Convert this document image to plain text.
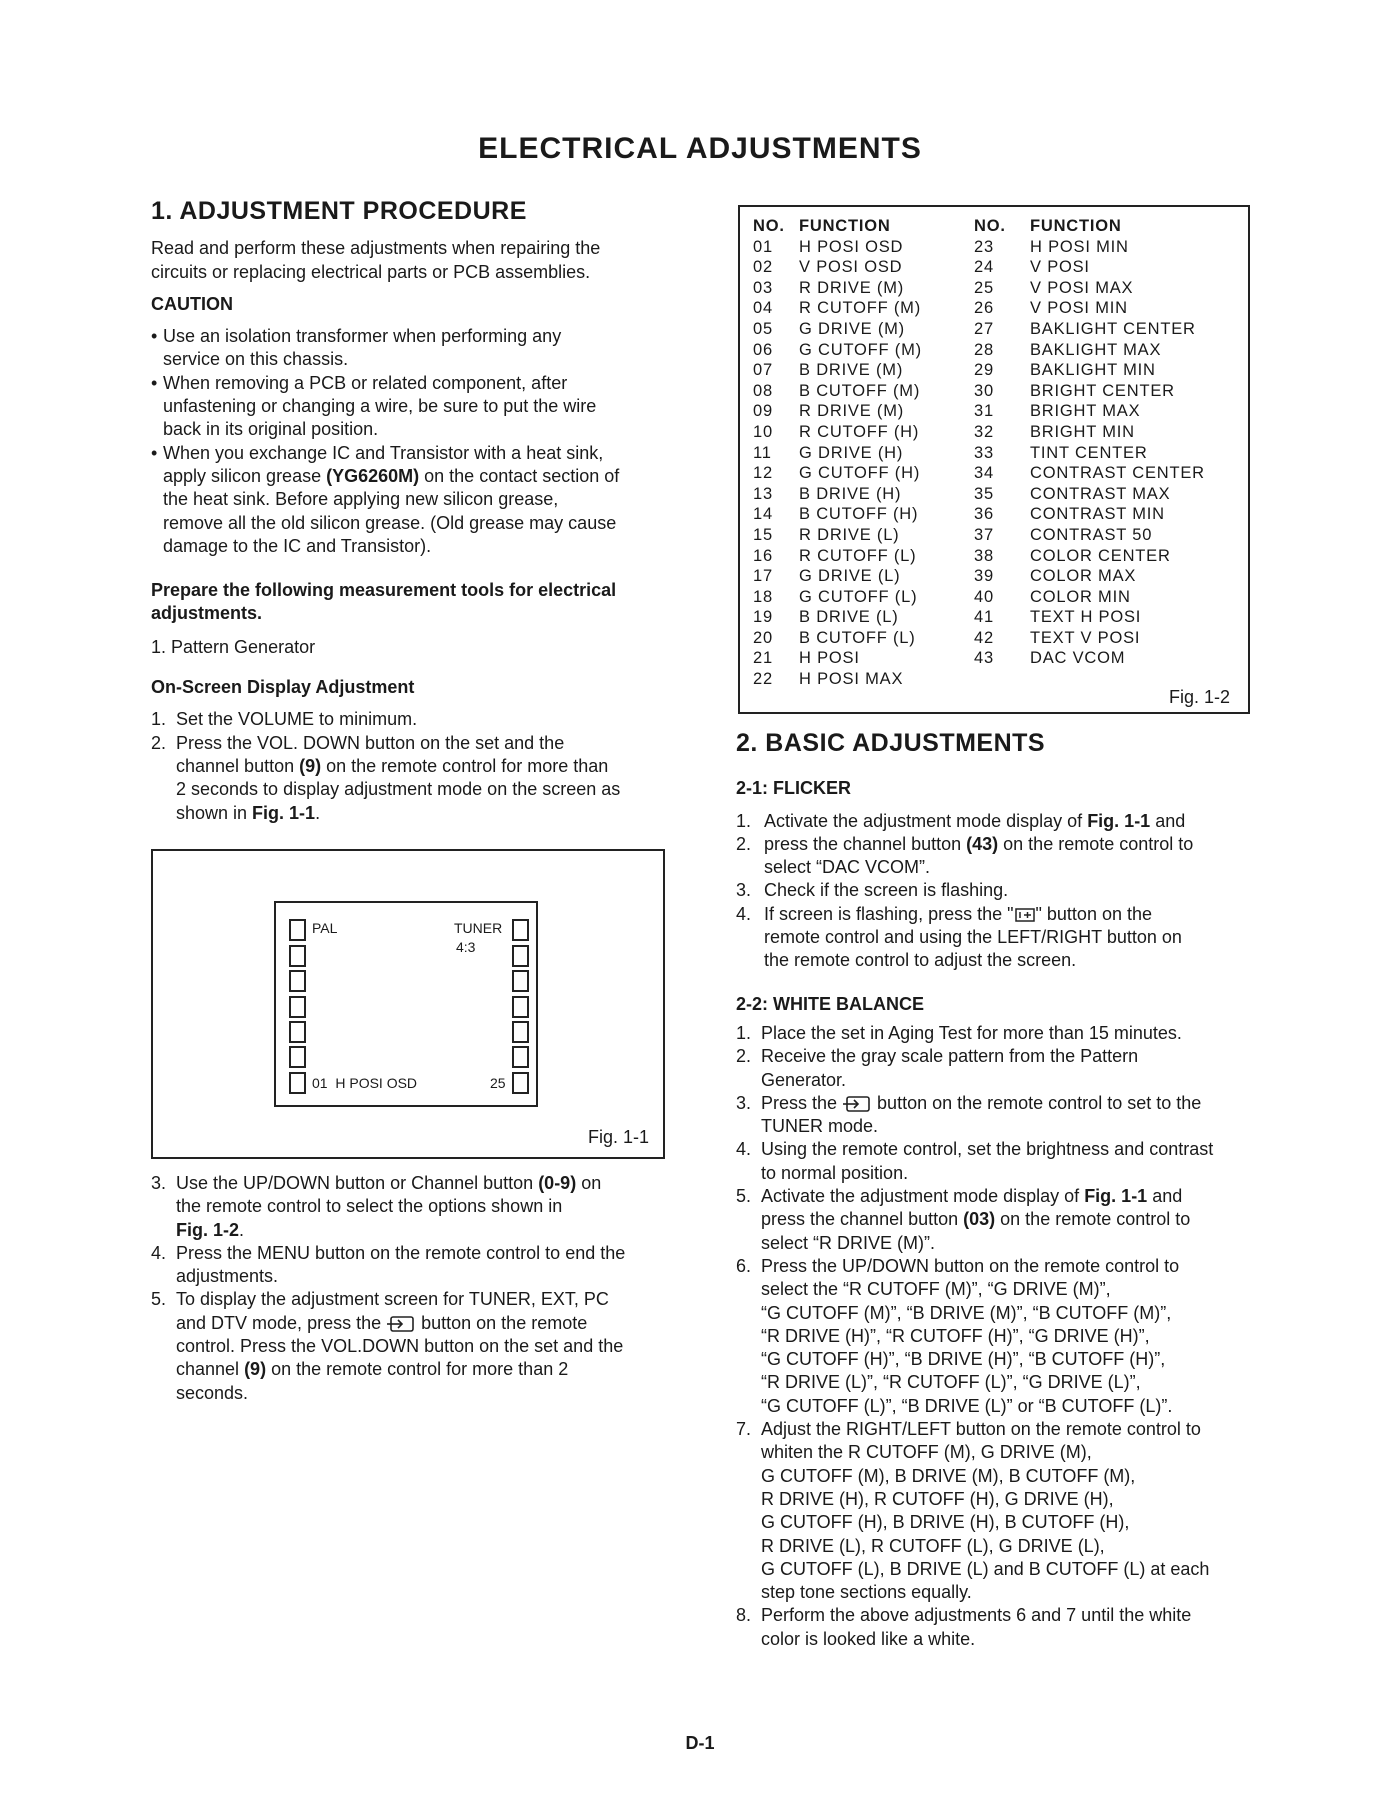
ELECTRICAL ADJUSTMENTS
1. ADJUSTMENT PROCEDURE

Read and perform these adjustments when repairing the
circuits or replacing electrical parts or PCB assemblies.

CAUTION

• Use an isolation transformer when performing any
service on this chassis.
• When removing a PCB or related component, after
unfastening or changing a wire, be sure to put the wire
back in its original position.
• When you exchange IC and Transistor with a heat sink,
apply silicon grease (YG6260M) on the contact section of
the heat sink. Before applying new silicon grease,
remove all the old silicon grease. (Old grease may cause
damage to the IC and Transistor).

Prepare the following measurement tools for electrical
adjustments.

1. Pattern Generator

On-Screen Display Adjustment

1. Set the VOLUME to minimum.
2. Press the VOL. DOWN button on the set and the
channel button (9) on the remote control for more than
2 seconds to display adjustment mode on the screen as
shown in Fig. 1-1.
PAL	TUNER
4:3
01  H POSI OSD	25
Fig. 1-1
3. Use the UP/DOWN button or Channel button (0-9) on
the remote control to select the options shown in
Fig. 1-2.
4. Press the MENU button on the remote control to end the
adjustments.
5. To display the adjustment screen for TUNER, EXT, PC
and DTV mode, press the  button on the remote
control. Press the VOL.DOWN button on the set and the
channel (9) on the remote control for more than 2
seconds.
NO. FUNCTION
01 H POSI OSD
02 V POSI OSD
03 R DRIVE (M)
04 R CUTOFF (M)
05 G DRIVE (M)
06 G CUTOFF (M)
07 B DRIVE (M)
08 B CUTOFF (M)
09 R DRIVE (M)
10 R CUTOFF (H)
11 G DRIVE (H)
12 G CUTOFF (H)
13 B DRIVE (H)
14 B CUTOFF (H)
15 R DRIVE (L)
16 R CUTOFF (L)
17 G DRIVE (L)
18 G CUTOFF (L)
19 B DRIVE (L)
20 B CUTOFF (L)
21 H POSI
22 H POSI MAX
NO. FUNCTION
23 H POSI MIN
24 V POSI
25 V POSI MAX
26 V POSI MIN
27 BAKLIGHT CENTER
28 BAKLIGHT MAX
29 BAKLIGHT MIN
30 BRIGHT CENTER
31 BRIGHT MAX
32 BRIGHT MIN
33 TINT CENTER
34 CONTRAST CENTER
35 CONTRAST MAX
36 CONTRAST MIN
37 CONTRAST 50
38 COLOR CENTER
39 COLOR MAX
40 COLOR MIN
41 TEXT H POSI
42 TEXT V POSI
43 DAC VCOM
Fig. 1-2
2. BASIC ADJUSTMENTS

2-1: FLICKER

1. Activate the adjustment mode display of Fig. 1-1 and
2. press the channel button (43) on the remote control to
select “DAC VCOM”.
3. Check if the screen is flashing.
4. If screen is flashing, press the " " button on the
remote control and using the LEFT/RIGHT button on
the remote control to adjust the screen.

2-2: WHITE BALANCE

1. Place the set in Aging Test for more than 15 minutes.
2. Receive the gray scale pattern from the Pattern
Generator.
3. Press the  button on the remote control to set to the
TUNER mode.
4. Using the remote control, set the brightness and contrast
to normal position.
5. Activate the adjustment mode display of Fig. 1-1 and
press the channel button (03) on the remote control to
select “R DRIVE (M)”.
6. Press the UP/DOWN button on the remote control to
select the “R CUTOFF (M)”, “G DRIVE (M)”,
“G CUTOFF (M)”, “B DRIVE (M)”, “B CUTOFF (M)”,
“R DRIVE (H)”, “R CUTOFF (H)”, “G DRIVE (H)”,
“G CUTOFF (H)”, “B DRIVE (H)”, “B CUTOFF (H)”,
“R DRIVE (L)”, “R CUTOFF (L)”, “G DRIVE (L)”,
“G CUTOFF (L)”, “B DRIVE (L)” or “B CUTOFF (L)”.
7. Adjust the RIGHT/LEFT button on the remote control to
whiten the R CUTOFF (M), G DRIVE (M),
G CUTOFF (M), B DRIVE (M), B CUTOFF (M),
R DRIVE (H), R CUTOFF (H), G DRIVE (H),
G CUTOFF (H), B DRIVE (H), B CUTOFF (H),
R DRIVE (L), R CUTOFF (L), G DRIVE (L),
G CUTOFF (L), B DRIVE (L) and B CUTOFF (L) at each
step tone sections equally.
8. Perform the above adjustments 6 and 7 until the white
color is looked like a white.
D-1
